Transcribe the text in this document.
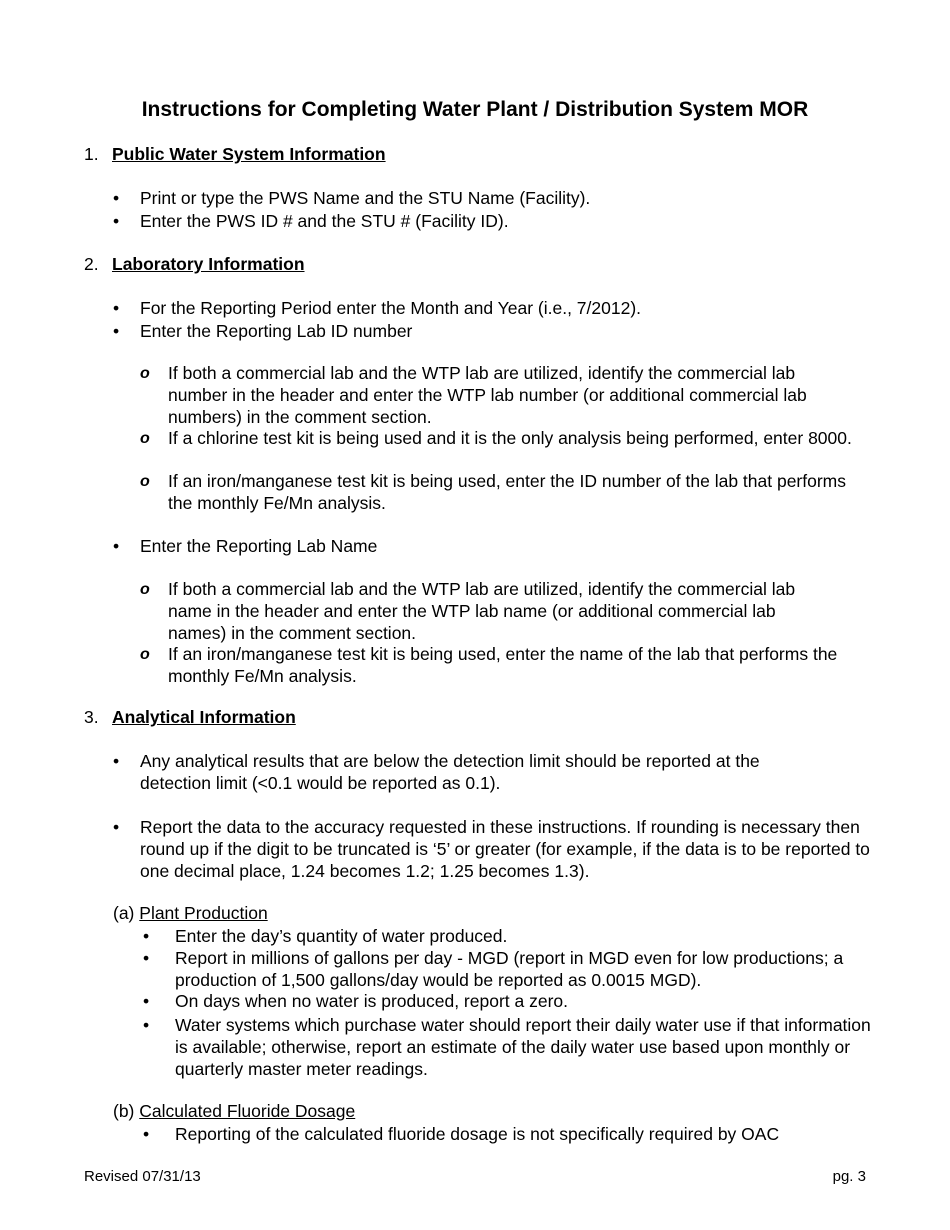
Instructions for Completing Water Plant / Distribution System MOR
1. Public Water System Information
• Print or type the PWS Name and the STU Name (Facility).
• Enter the PWS ID # and the STU # (Facility ID).
2. Laboratory Information
• For the Reporting Period enter the Month and Year (i.e., 7/2012).
• Enter the Reporting Lab ID number
o If both a commercial lab and the WTP lab are utilized, identify the commercial lab number in the header and enter the WTP lab number (or additional commercial lab numbers) in the comment section.
o If a chlorine test kit is being used and it is the only analysis being performed, enter 8000.
o If an iron/manganese test kit is being used, enter the ID number of the lab that performs the monthly Fe/Mn analysis.
• Enter the Reporting Lab Name
o If both a commercial lab and the WTP lab are utilized, identify the commercial lab name in the header and enter the WTP lab name (or additional commercial lab names) in the comment section.
o If an iron/manganese test kit is being used, enter the name of the lab that performs the monthly Fe/Mn analysis.
3. Analytical Information
• Any analytical results that are below the detection limit should be reported at the detection limit (<0.1 would be reported as 0.1).
• Report the data to the accuracy requested in these instructions. If rounding is necessary then round up if the digit to be truncated is ‘5’ or greater (for example, if the data is to be reported to one decimal place, 1.24 becomes 1.2; 1.25 becomes 1.3).
(a) Plant Production
• Enter the day’s quantity of water produced.
• Report in millions of gallons per day - MGD (report in MGD even for low productions; a production of 1,500 gallons/day would be reported as 0.0015 MGD).
• On days when no water is produced, report a zero.
• Water systems which purchase water should report their daily water use if that information is available; otherwise, report an estimate of the daily water use based upon monthly or quarterly master meter readings.
(b) Calculated Fluoride Dosage
• Reporting of the calculated fluoride dosage is not specifically required by OAC
Revised 07/31/13	pg. 3
